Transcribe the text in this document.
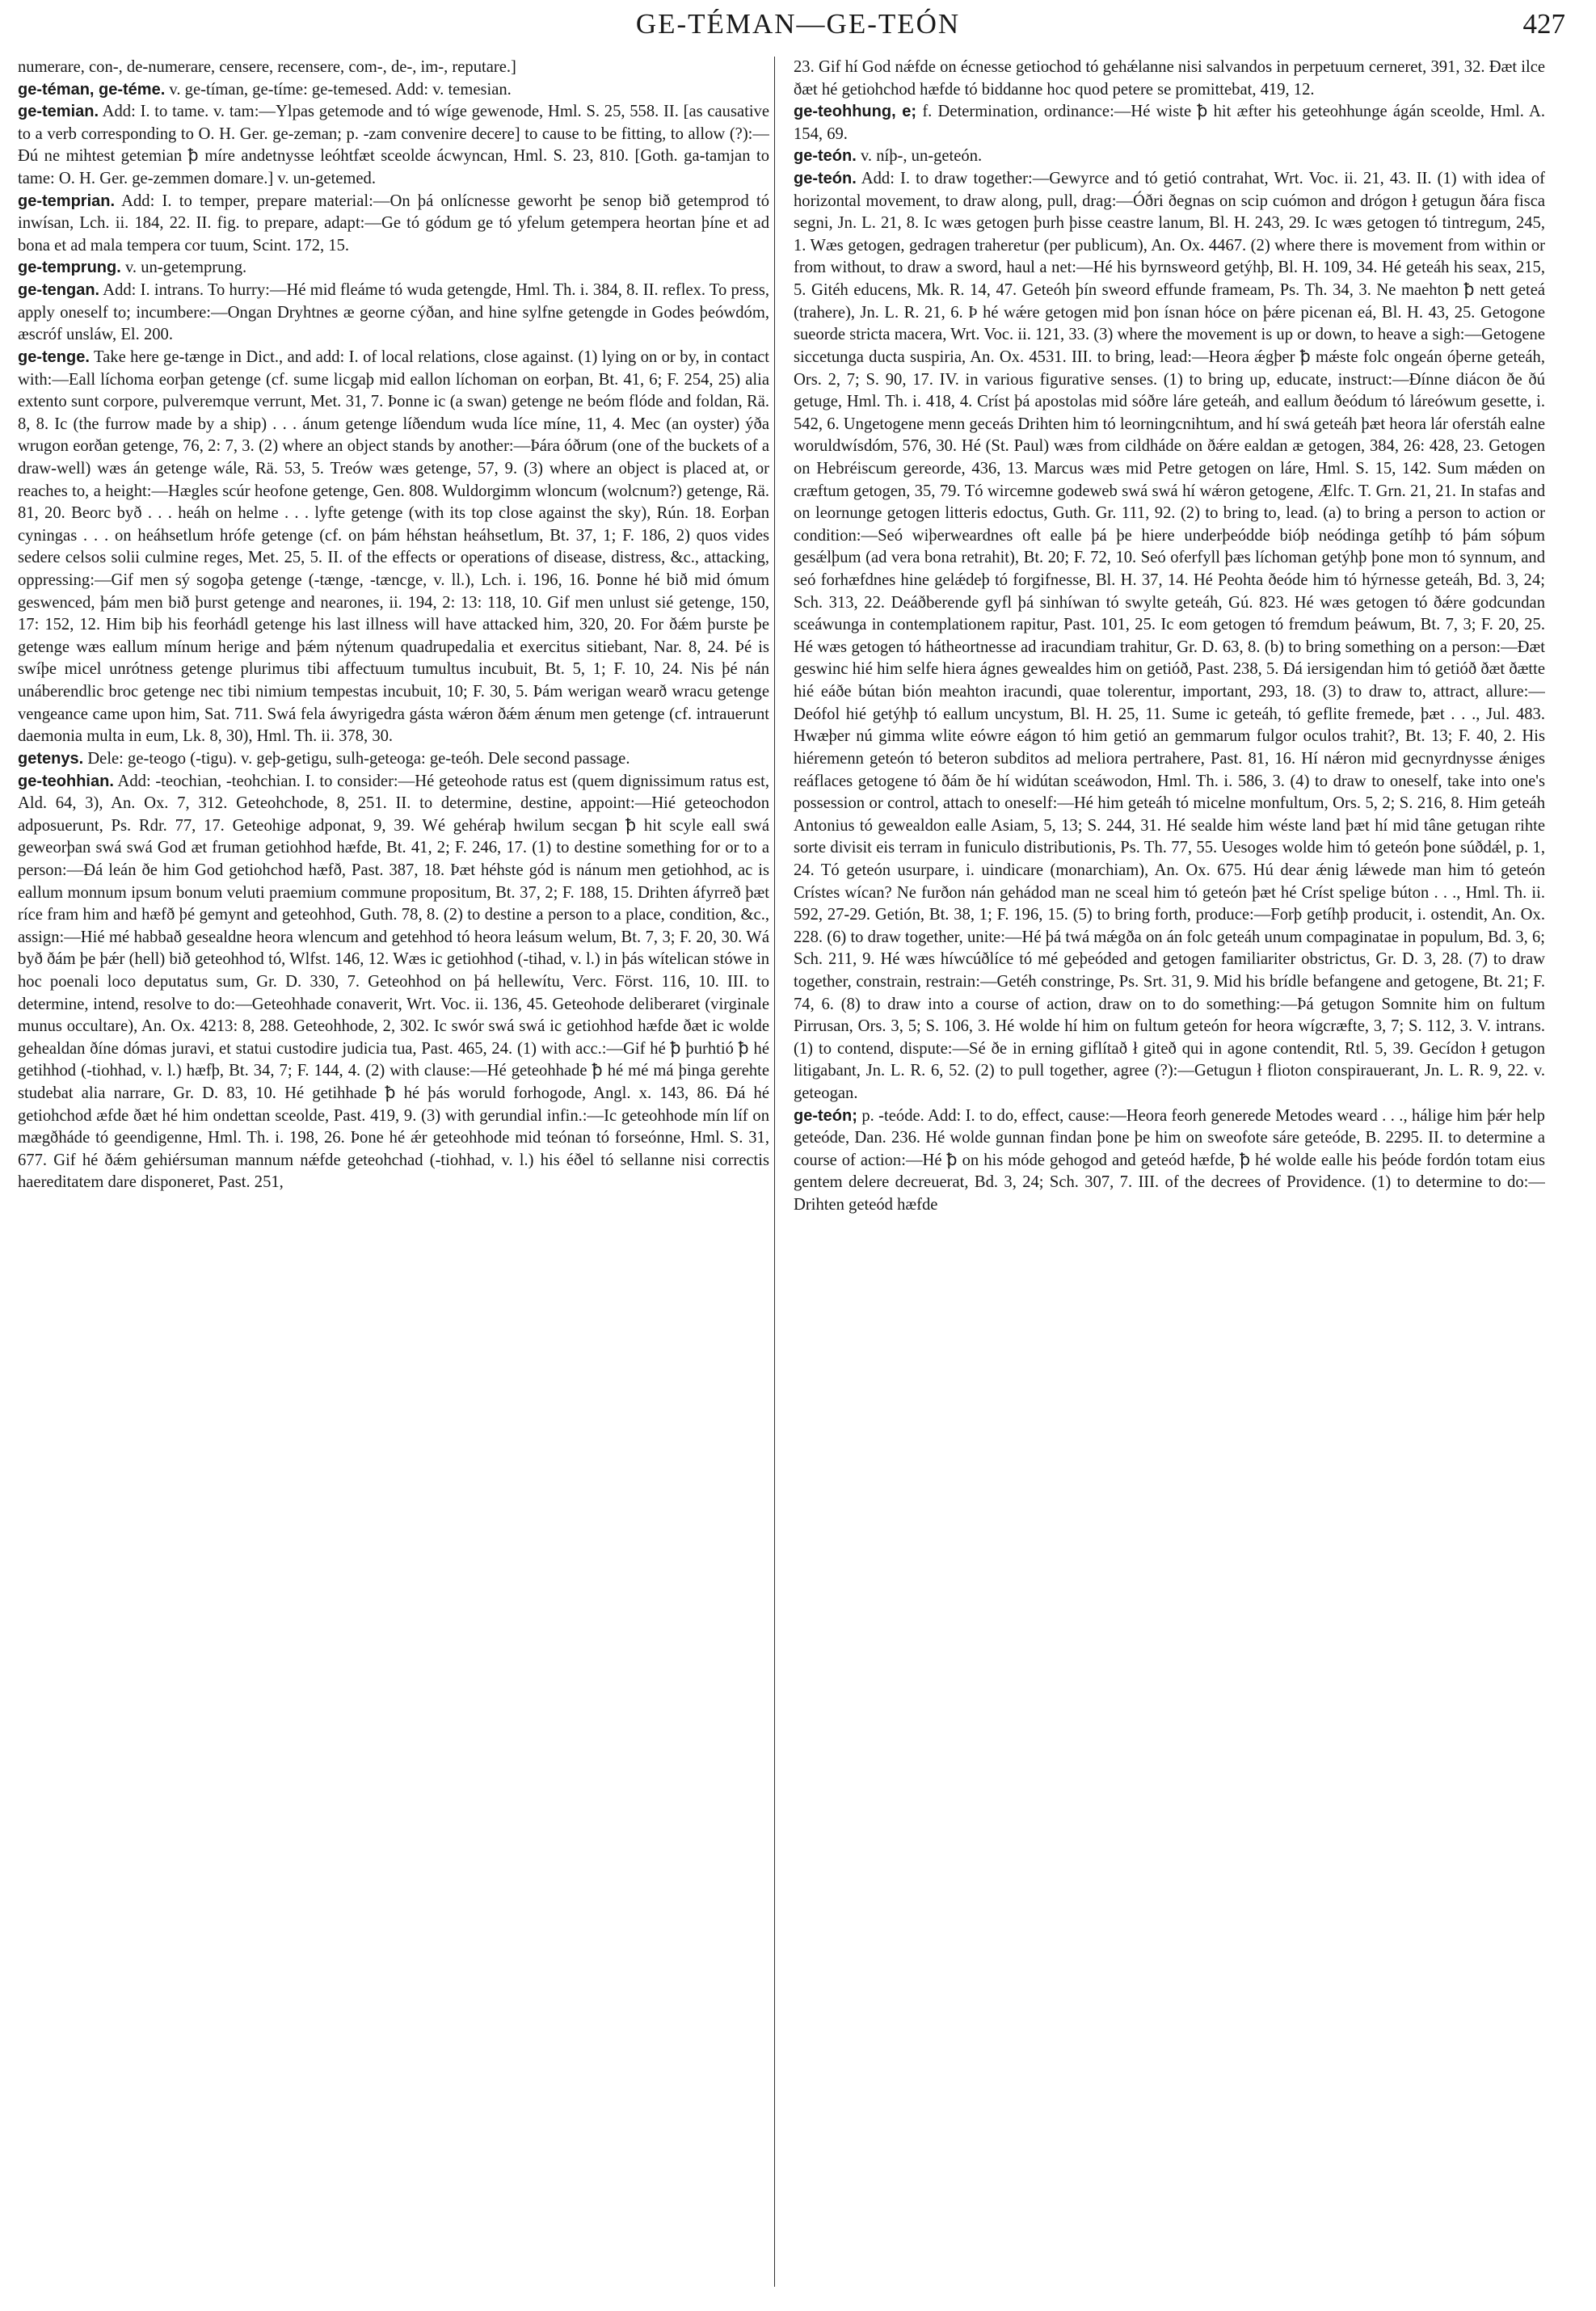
GE-TÉMAN—GE-TEÓN	427

numerare, con-, de-numerare, censere, recensere, com-, de-, im-, reputare.]

ge-téman, ge-téme. v. ge-tíman, ge-tíme: ge-temesed. Add: v. temesian.

ge-temian. Add: I. to tame. v. tam:—Ylpas getemode and tó wíge gewenode, Hml. S. 25, 558. II. [as causative to a verb corresponding to O. H. Ger. ge-zeman; p. -zam convenire decere] to cause to be fitting, to allow (?):—Ðú ne mihtest getemian ꝥ míre andetnysse leóhtfæt sceolde ácwyncan, Hml. S. 23, 810. [Goth. ga-tamjan to tame: O. H. Ger. ge-zemmen domare.] v. un-getemed.

ge-temprian. Add: I. to temper, prepare material:—On þá onlícnesse geworht þe senop bið getemprod tó inwísan, Lch. ii. 184, 22. II. fig. to prepare, adapt:—Ge tó gódum ge tó yfelum getempera heortan þíne et ad bona et ad mala tempera cor tuum, Scint. 172, 15.

ge-temprung. v. un-getemprung.

ge-tengan. Add: I. intrans. To hurry:—Hé mid fleáme tó wuda getengde, Hml. Th. i. 384, 8. II. reflex. To press, apply oneself to; incumbere:—Ongan Dryhtnes æ georne cýðan, and hine sylfne getengde in Godes þeówdóm, æscróf unsláw, El. 200.

ge-tenge. Take here ge-tænge in Dict., and add: I. of local relations, close against. (1) lying on or by, in contact with:—Eall líchoma eorþan getenge (cf. sume licgaþ mid eallon líchoman on eorþan, Bt. 41, 6; F. 254, 25) alia extento sunt corpore, pulveremque verrunt, Met. 31, 7. Þonne ic (a swan) getenge ne beóm flóde and foldan, Rä. 8, 8. Ic (the furrow made by a ship) . . . ánum getenge líðendum wuda líce míne, 11, 4. Mec (an oyster) ýða wrugon eorðan getenge, 76, 2: 7, 3. (2) where an object stands by another:—Þára óðrum (one of the buckets of a draw-well) wæs án getenge wále, Rä. 53, 5. Treów wæs getenge, 57, 9. (3) where an object is placed at, or reaches to, a height:—Hægles scúr heofone getenge, Gen. 808. Wuldorgimm wloncum (wolcnum?) getenge, Rä. 81, 20. Beorc byð . . . heáh on helme . . . lyfte getenge (with its top close against the sky), Rún. 18. Eorþan cyningas . . . on heáhsetlum hrófe getenge (cf. on þám héhstan heáhsetlum, Bt. 37, 1; F. 186, 2) quos vides sedere celsos solii culmine reges, Met. 25, 5. II. of the effects or operations of disease, distress, &c., attacking, oppressing:—Gif men sý sogoþa getenge (-tænge, -tæncge, v. ll.), Lch. i. 196, 16. Þonne hé bið mid ómum geswenced, þám men bið þurst getenge and nearones, ii. 194, 2: 13: 118, 10. Gif men unlust sié getenge, 150, 17: 152, 12. Him biþ his feorhádl getenge his last illness will have attacked him, 320, 20. For ðǽm þurste þe getenge wæs eallum mínum herige and þǽm nýtenum quadrupedalia et exercitus sitiebant, Nar. 8, 24. Þé is swíþe micel unrótness getenge plurimus tibi affectuum tumultus incubuit, Bt. 5, 1; F. 10, 24. Nis þé nán unáberendlic broc getenge nec tibi nimium tempestas incubuit, 10; F. 30, 5. Þám werigan wearð wracu getenge vengeance came upon him, Sat. 711. Swá fela áwyrigedra gásta wǽron ðǽm ǽnum men getenge (cf. intrauerunt daemonia multa in eum, Lk. 8, 30), Hml. Th. ii. 378, 30.

getenys. Dele: ge-teogo (-tigu). v. geþ-getigu, sulh-geteoga: ge-teóh. Dele second passage.

ge-teohhian. Add: -teochian, -teohchian. I. to consider:—Hé geteohode ratus est (quem dignissimum ratus est, Ald. 64, 3), An. Ox. 7, 312. Geteohchode, 8, 251. II. to determine, destine, appoint:—Hié geteochodon adposuerunt, Ps. Rdr. 77, 17. Geteohige adponat, 9, 39. Wé gehéraþ hwilum secgan ꝥ hit scyle eall swá geweorþan swá swá God æt fruman getiohhod hæfde, Bt. 41, 2; F. 246, 17. (1) to destine something for or to a person:—Ðá leán ðe him God getiohchod hæfð, Past. 387, 18. Þæt héhste gód is nánum men getiohhod, ac is eallum monnum ipsum bonum veluti praemium commune propositum, Bt. 37, 2; F. 188, 15. Drihten áfyrreð þæt ríce fram him and hæfð þé gemynt and geteohhod, Guth. 78, 8. (2) to destine a person to a place, condition, &c., assign:—Hié mé habbað gesealdne heora wlencum and getehhod tó heora leásum welum, Bt. 7, 3; F. 20, 30. Wá byð ðám þe þǽr (hell) bið geteohhod tó, Wlfst. 146, 12. Wæs ic getiohhod (-tihad, v. l.) in þás wítelican stówe in hoc poenali loco deputatus sum, Gr. D. 330, 7. Geteohhod on þá hellewítu, Verc. Först. 116, 10. III. to determine, intend, resolve to do:—Geteohhade conaverit, Wrt. Voc. ii. 136, 45. Geteohode deliberaret (virginale munus occultare), An. Ox. 4213: 8, 288. Geteohhode, 2, 302. Ic swór swá swá ic getiohhod hæfde ðæt ic wolde gehealdan ðíne dómas juravi, et statui custodire judicia tua, Past. 465, 24. (1) with acc.:—Gif hé ꝥ þurhtió ꝥ hé getihhod (-tiohhad, v. l.) hæfþ, Bt. 34, 7; F. 144, 4. (2) with clause:—Hé geteohhade ꝥ hé mé má þinga gerehte studebat alia narrare, Gr. D. 83, 10. Hé getihhade ꝥ hé þás woruld forhogode, Angl. x. 143, 86. Ðá hé getiohchod æfde ðæt hé him ondettan sceolde, Past. 419, 9. (3) with gerundial infin.:—Ic geteohhode mín líf on mægðháde tó geendigenne, Hml. Th. i. 198, 26. Þone hé ǽr geteohhode mid teónan tó forseónne, Hml. S. 31, 677. Gif hé ðǽm gehiérsuman mannum nǽfde geteohchad (-tiohhad, v. l.) his éðel tó sellanne nisi correctis haereditatem dare disponeret, Past. 251,

23. Gif hí God nǽfde on écnesse getiochod tó gehǽlanne nisi salvandos in perpetuum cerneret, 391, 32. Ðæt ilce ðæt hé getiohchod hæfde tó biddanne hoc quod petere se promittebat, 419, 12.

ge-teohhung, e; f. Determination, ordinance:—Hé wiste ꝥ hit æfter his geteohhunge ágán sceolde, Hml. A. 154, 69.

ge-teón. v. níþ-, un-geteón.

ge-teón. Add: I. to draw together:—Gewyrce and tó getió contrahat, Wrt. Voc. ii. 21, 43. II. (1) with idea of horizontal movement, to draw along, pull, drag:—Óðri ðegnas on scip cuómon and drógon ł getugun ðára fisca segni, Jn. L. 21, 8. Ic wæs getogen þurh þisse ceastre lanum, Bl. H. 243, 29. Ic wæs getogen tó tintregum, 245, 1. Wæs getogen, gedragen traheretur (per publicum), An. Ox. 4467. (2) where there is movement from within or from without, to draw a sword, haul a net:—Hé his byrnsweord getýhþ, Bl. H. 109, 34. Hé geteáh his seax, 215, 5. Gitéh educens, Mk. R. 14, 47. Geteóh þín sweord effunde frameam, Ps. Th. 34, 3. Ne maehton ꝥ nett geteá (trahere), Jn. L. R. 21, 6. Þ hé wǽre getogen mid þon ísnan hóce on þǽre picenan eá, Bl. H. 43, 25. Getogone sueorde stricta macera, Wrt. Voc. ii. 121, 33. (3) where the movement is up or down, to heave a sigh:—Getogene siccetunga ducta suspiria, An. Ox. 4531. III. to bring, lead:—Heora ǽgþer ꝥ mǽste folc ongeán óþerne geteáh, Ors. 2, 7; S. 90, 17. IV. in various figurative senses. (1) to bring up, educate, instruct:—Ðínne diácon ðe ðú getuge, Hml. Th. i. 418, 4. Críst þá apostolas mid sóðre láre geteáh, and eallum ðeódum tó láreówum gesette, i. 542, 6. Ungetogene menn geceás Drihten him tó leorningcnihtum, and hí swá geteáh þæt heora lár oferstáh ealne woruldwísdóm, 576, 30. Hé (St. Paul) wæs from cildháde on ðǽre ealdan æ getogen, 384, 26: 428, 23. Getogen on Hebréiscum gereorde, 436, 13. Marcus wæs mid Petre getogen on láre, Hml. S. 15, 142. Sum mǽden on cræftum getogen, 35, 79. Tó wircemne godeweb swá swá hí wǽron getogene, Ælfc. T. Grn. 21, 21. In stafas and on leornunge getogen litteris edoctus, Guth. Gr. 111, 92. (2) to bring to, lead. (a) to bring a person to action or condition:—Seó wiþerweardnes oft ealle þá þe hiere underþeódde bióþ neódinga getíhþ tó þám sóþum gesǽlþum (ad vera bona retrahit), Bt. 20; F. 72, 10. Seó oferfyll þæs líchoman getýhþ þone mon tó synnum, and seó forhæfdnes hine gelǽdeþ tó forgifnesse, Bl. H. 37, 14. Hé Peohta ðeóde him tó hýrnesse geteáh, Bd. 3, 24; Sch. 313, 22. Deáðberende gyfl þá sinhíwan tó swylte geteáh, Gú. 823. Hé wæs getogen tó ðǽre godcundan sceáwunga in contemplationem rapitur, Past. 101, 25. Ic eom getogen tó fremdum þeáwum, Bt. 7, 3; F. 20, 25. Hé wæs getogen tó hátheortnesse ad iracundiam trahitur, Gr. D. 63, 8. (b) to bring something on a person:—Ðæt geswinc hié him selfe hiera ágnes gewealdes him on getióð, Past. 238, 5. Ðá iersigendan him tó getióð ðæt ðætte hié eáðe bútan bión meahton iracundi, quae tolerentur, important, 293, 18. (3) to draw to, attract, allure:—Deófol hié getýhþ tó eallum uncystum, Bl. H. 25, 11. Sume ic geteáh, tó geflite fremede, þæt . . ., Jul. 483. Hwæþer nú gimma wlite eówre eágon tó him getió an gemmarum fulgor oculos trahit?, Bt. 13; F. 40, 2. His hiéremenn geteón tó beteron subditos ad meliora pertrahere, Past. 81, 16. Hí nǽron mid gecnyrdnysse ǽniges reáflaces getogene tó ðám ðe hí widútan sceáwodon, Hml. Th. i. 586, 3. (4) to draw to oneself, take into one's possession or control, attach to oneself:—Hé him geteáh tó micelne monfultum, Ors. 5, 2; S. 216, 8. Him geteáh Antonius tó gewealdon ealle Asiam, 5, 13; S. 244, 31. Hé sealde him wéste land þæt hí mid tâne getugan rihte sorte divisit eis terram in funiculo distributionis, Ps. Th. 77, 55. Uesoges wolde him tó geteón þone súðdǽl, p. 1, 24. Tó geteón usurpare, i. uindicare (monarchiam), An. Ox. 675. Hú dear ǽnig lǽwede man him tó geteón Crístes wícan? Ne furðon nán gehádod man ne sceal him tó geteón þæt hé Críst spelige búton . . ., Hml. Th. ii. 592, 27-29. Getión, Bt. 38, 1; F. 196, 15. (5) to bring forth, produce:—Forþ getíhþ producit, i. ostendit, An. Ox. 228. (6) to draw together, unite:—Hé þá twá mǽgða on án folc geteáh unum compaginatae in populum, Bd. 3, 6; Sch. 211, 9. Hé wæs híwcúðlíce tó mé geþeóded and getogen familiariter obstrictus, Gr. D. 3, 28. (7) to draw together, constrain, restrain:—Getéh constringe, Ps. Srt. 31, 9. Mid his brídle befangene and getogene, Bt. 21; F. 74, 6. (8) to draw into a course of action, draw on to do something:—Þá getugon Somnite him on fultum Pirrusan, Ors. 3, 5; S. 106, 3. Hé wolde hí him on fultum geteón for heora wígcræfte, 3, 7; S. 112, 3. V. intrans. (1) to contend, dispute:—Sé ðe in erning giflítað ł giteð qui in agone contendit, Rtl. 5, 39. Gecídon ł getugon litigabant, Jn. L. R. 6, 52. (2) to pull together, agree (?):—Getugun ł flioton conspirauerant, Jn. L. R. 9, 22. v. geteogan.

ge-teón; p. -teóde. Add: I. to do, effect, cause:—Heora feorh generede Metodes weard . . ., hálige him þǽr help geteóde, Dan. 236. Hé wolde gunnan findan þone þe him on sweofote sáre geteóde, B. 2295. II. to determine a course of action:—Hé ꝥ on his móde gehogod and geteód hæfde, ꝥ hé wolde ealle his þeóde fordón totam eius gentem delere decreuerat, Bd. 3, 24; Sch. 307, 7. III. of the decrees of Providence. (1) to determine to do:—Drihten geteód hæfde
